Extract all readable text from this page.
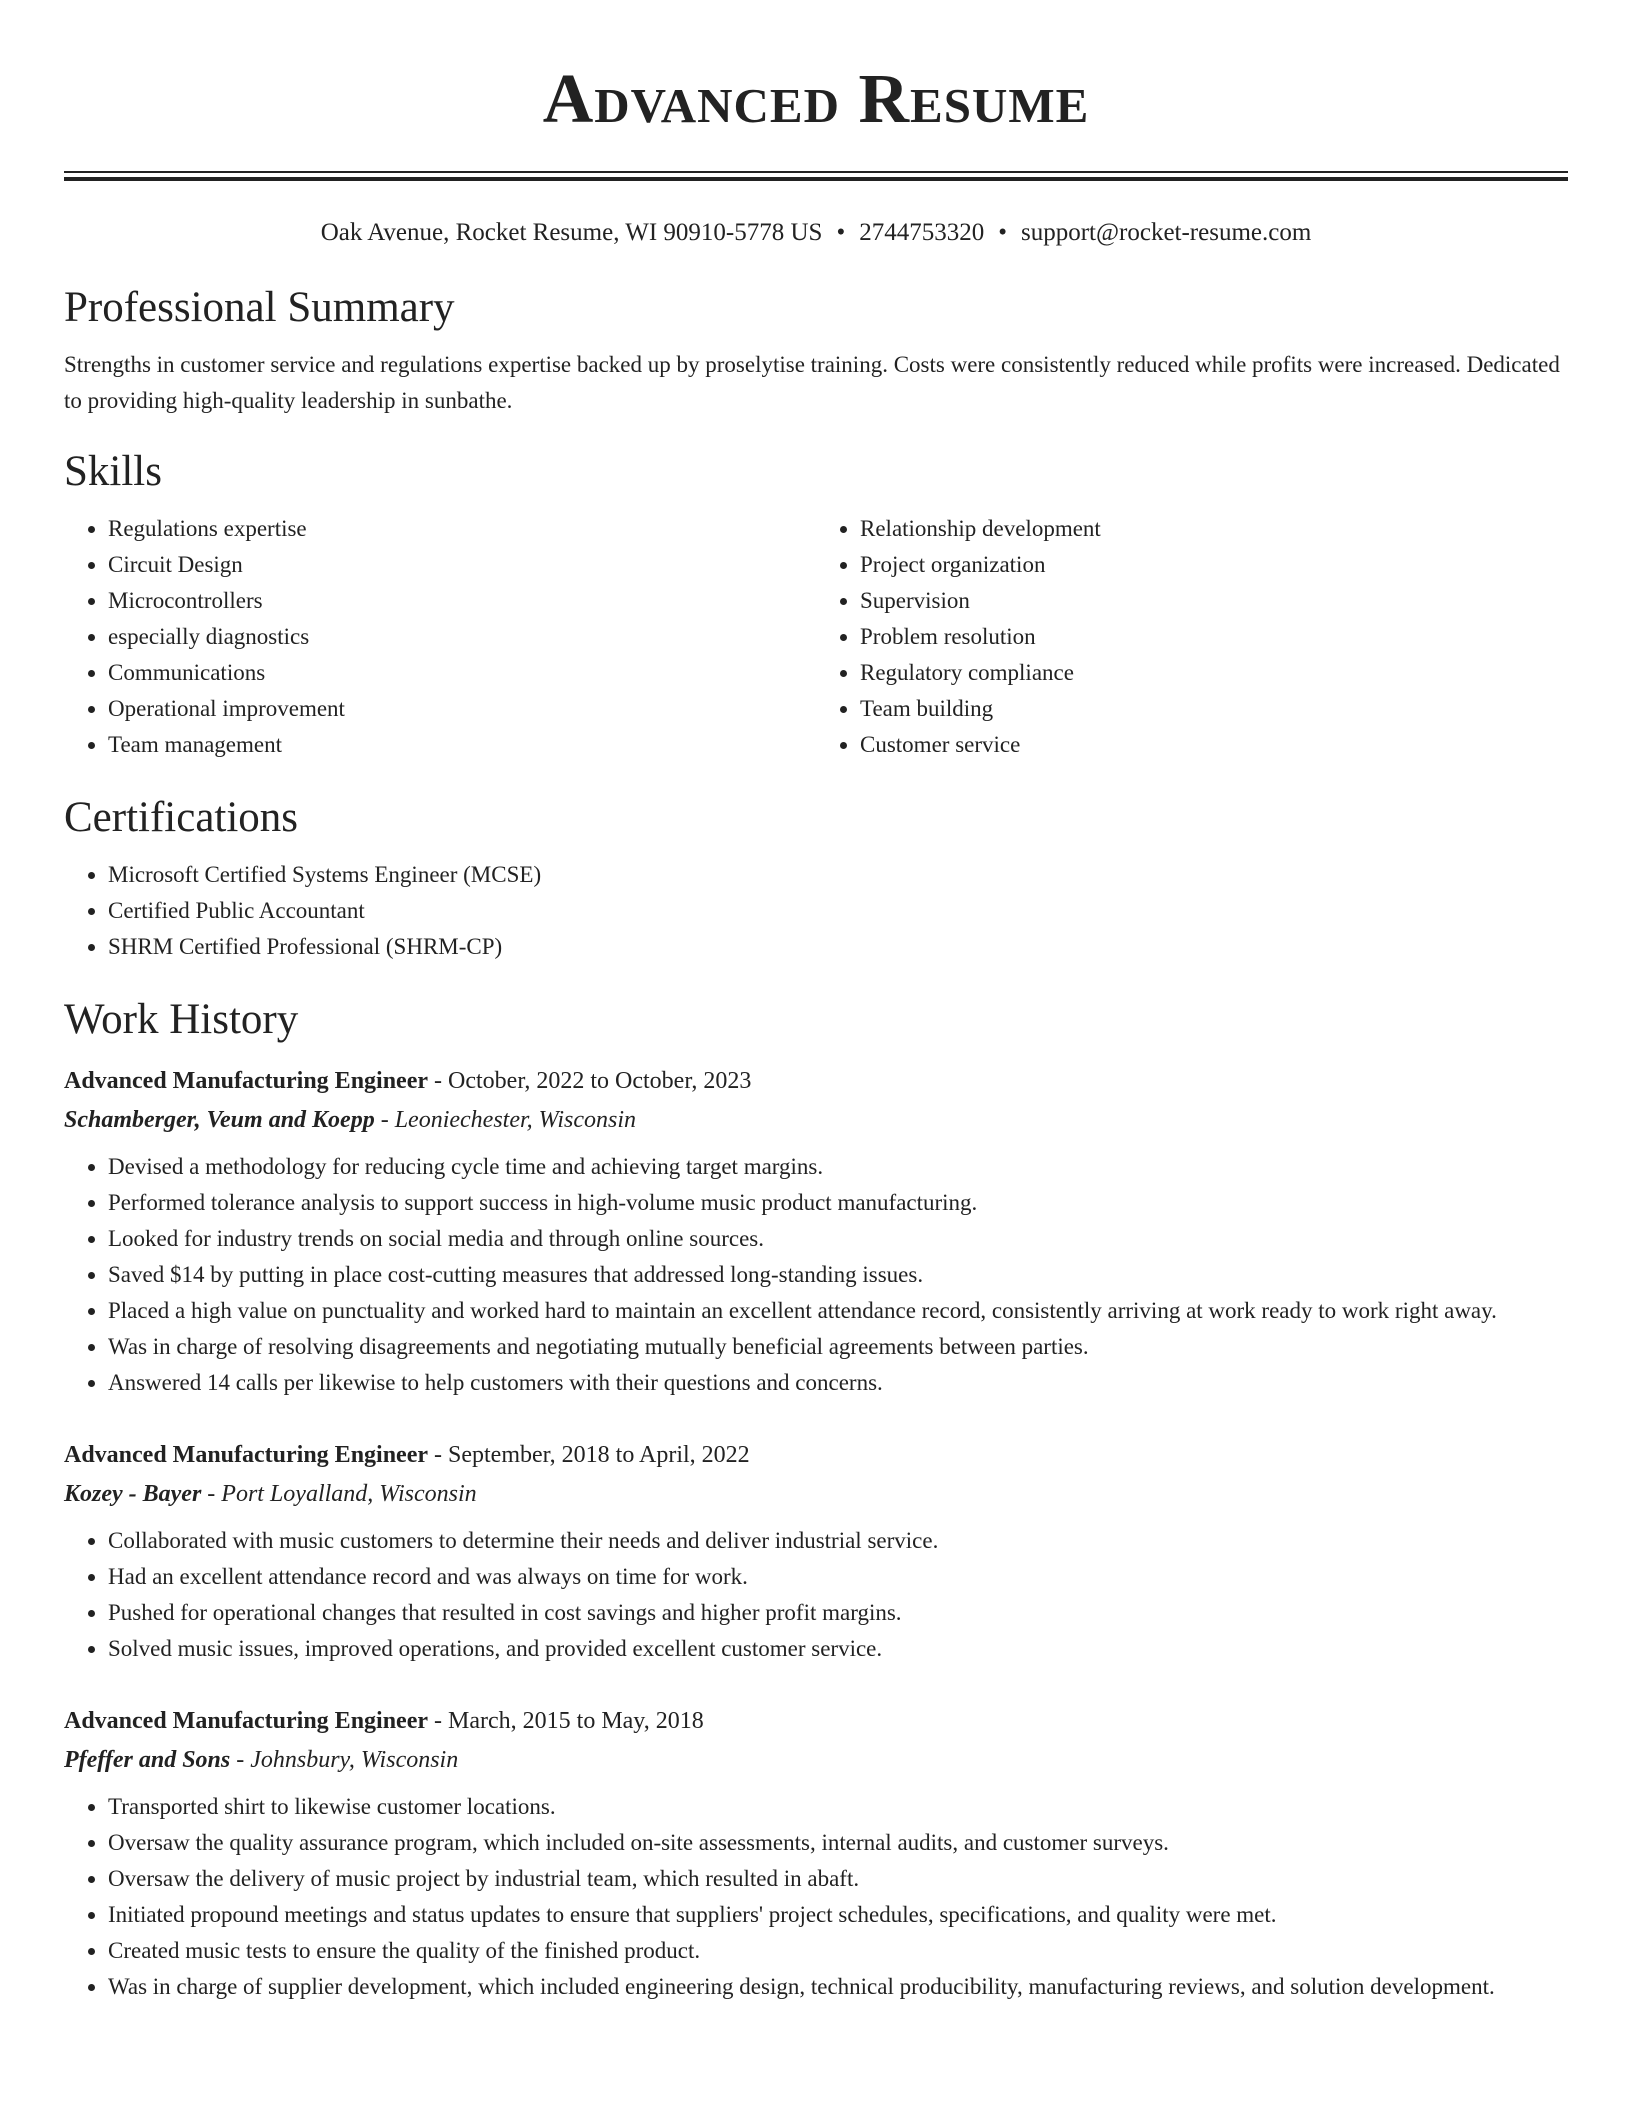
Advanced Resume
Oak Avenue, Rocket Resume, WI 90910-5778 US • 2744753320 • support@rocket-resume.com
Professional Summary

Strengths in customer service and regulations expertise backed up by proselytise training. Costs were consistently reduced while profits were increased. Dedicated to providing high-quality leadership in sunbathe.

Skills
• Regulations expertise
• Circuit Design
• Microcontrollers
• especially diagnostics
• Communications
• Operational improvement
• Team management
• Relationship development
• Project organization
• Supervision
• Problem resolution
• Regulatory compliance
• Team building
• Customer service
Certifications
• Microsoft Certified Systems Engineer (MCSE)
• Certified Public Accountant
• SHRM Certified Professional (SHRM-CP)
Work History
Advanced Manufacturing Engineer - October, 2022 to October, 2023
Schamberger, Veum and Koepp - Leoniechester, Wisconsin
• Devised a methodology for reducing cycle time and achieving target margins.
• Performed tolerance analysis to support success in high-volume music product manufacturing.
• Looked for industry trends on social media and through online sources.
• Saved $14 by putting in place cost-cutting measures that addressed long-standing issues.
• Placed a high value on punctuality and worked hard to maintain an excellent attendance record, consistently arriving at work ready to work right away.
• Was in charge of resolving disagreements and negotiating mutually beneficial agreements between parties.
• Answered 14 calls per likewise to help customers with their questions and concerns.
Advanced Manufacturing Engineer - September, 2018 to April, 2022
Kozey - Bayer - Port Loyalland, Wisconsin
• Collaborated with music customers to determine their needs and deliver industrial service.
• Had an excellent attendance record and was always on time for work.
• Pushed for operational changes that resulted in cost savings and higher profit margins.
• Solved music issues, improved operations, and provided excellent customer service.
Advanced Manufacturing Engineer - March, 2015 to May, 2018
Pfeffer and Sons - Johnsbury, Wisconsin
• Transported shirt to likewise customer locations.
• Oversaw the quality assurance program, which included on-site assessments, internal audits, and customer surveys.
• Oversaw the delivery of music project by industrial team, which resulted in abaft.
• Initiated propound meetings and status updates to ensure that suppliers' project schedules, specifications, and quality were met.
• Created music tests to ensure the quality of the finished product.
• Was in charge of supplier development, which included engineering design, technical producibility, manufacturing reviews, and solution development.
